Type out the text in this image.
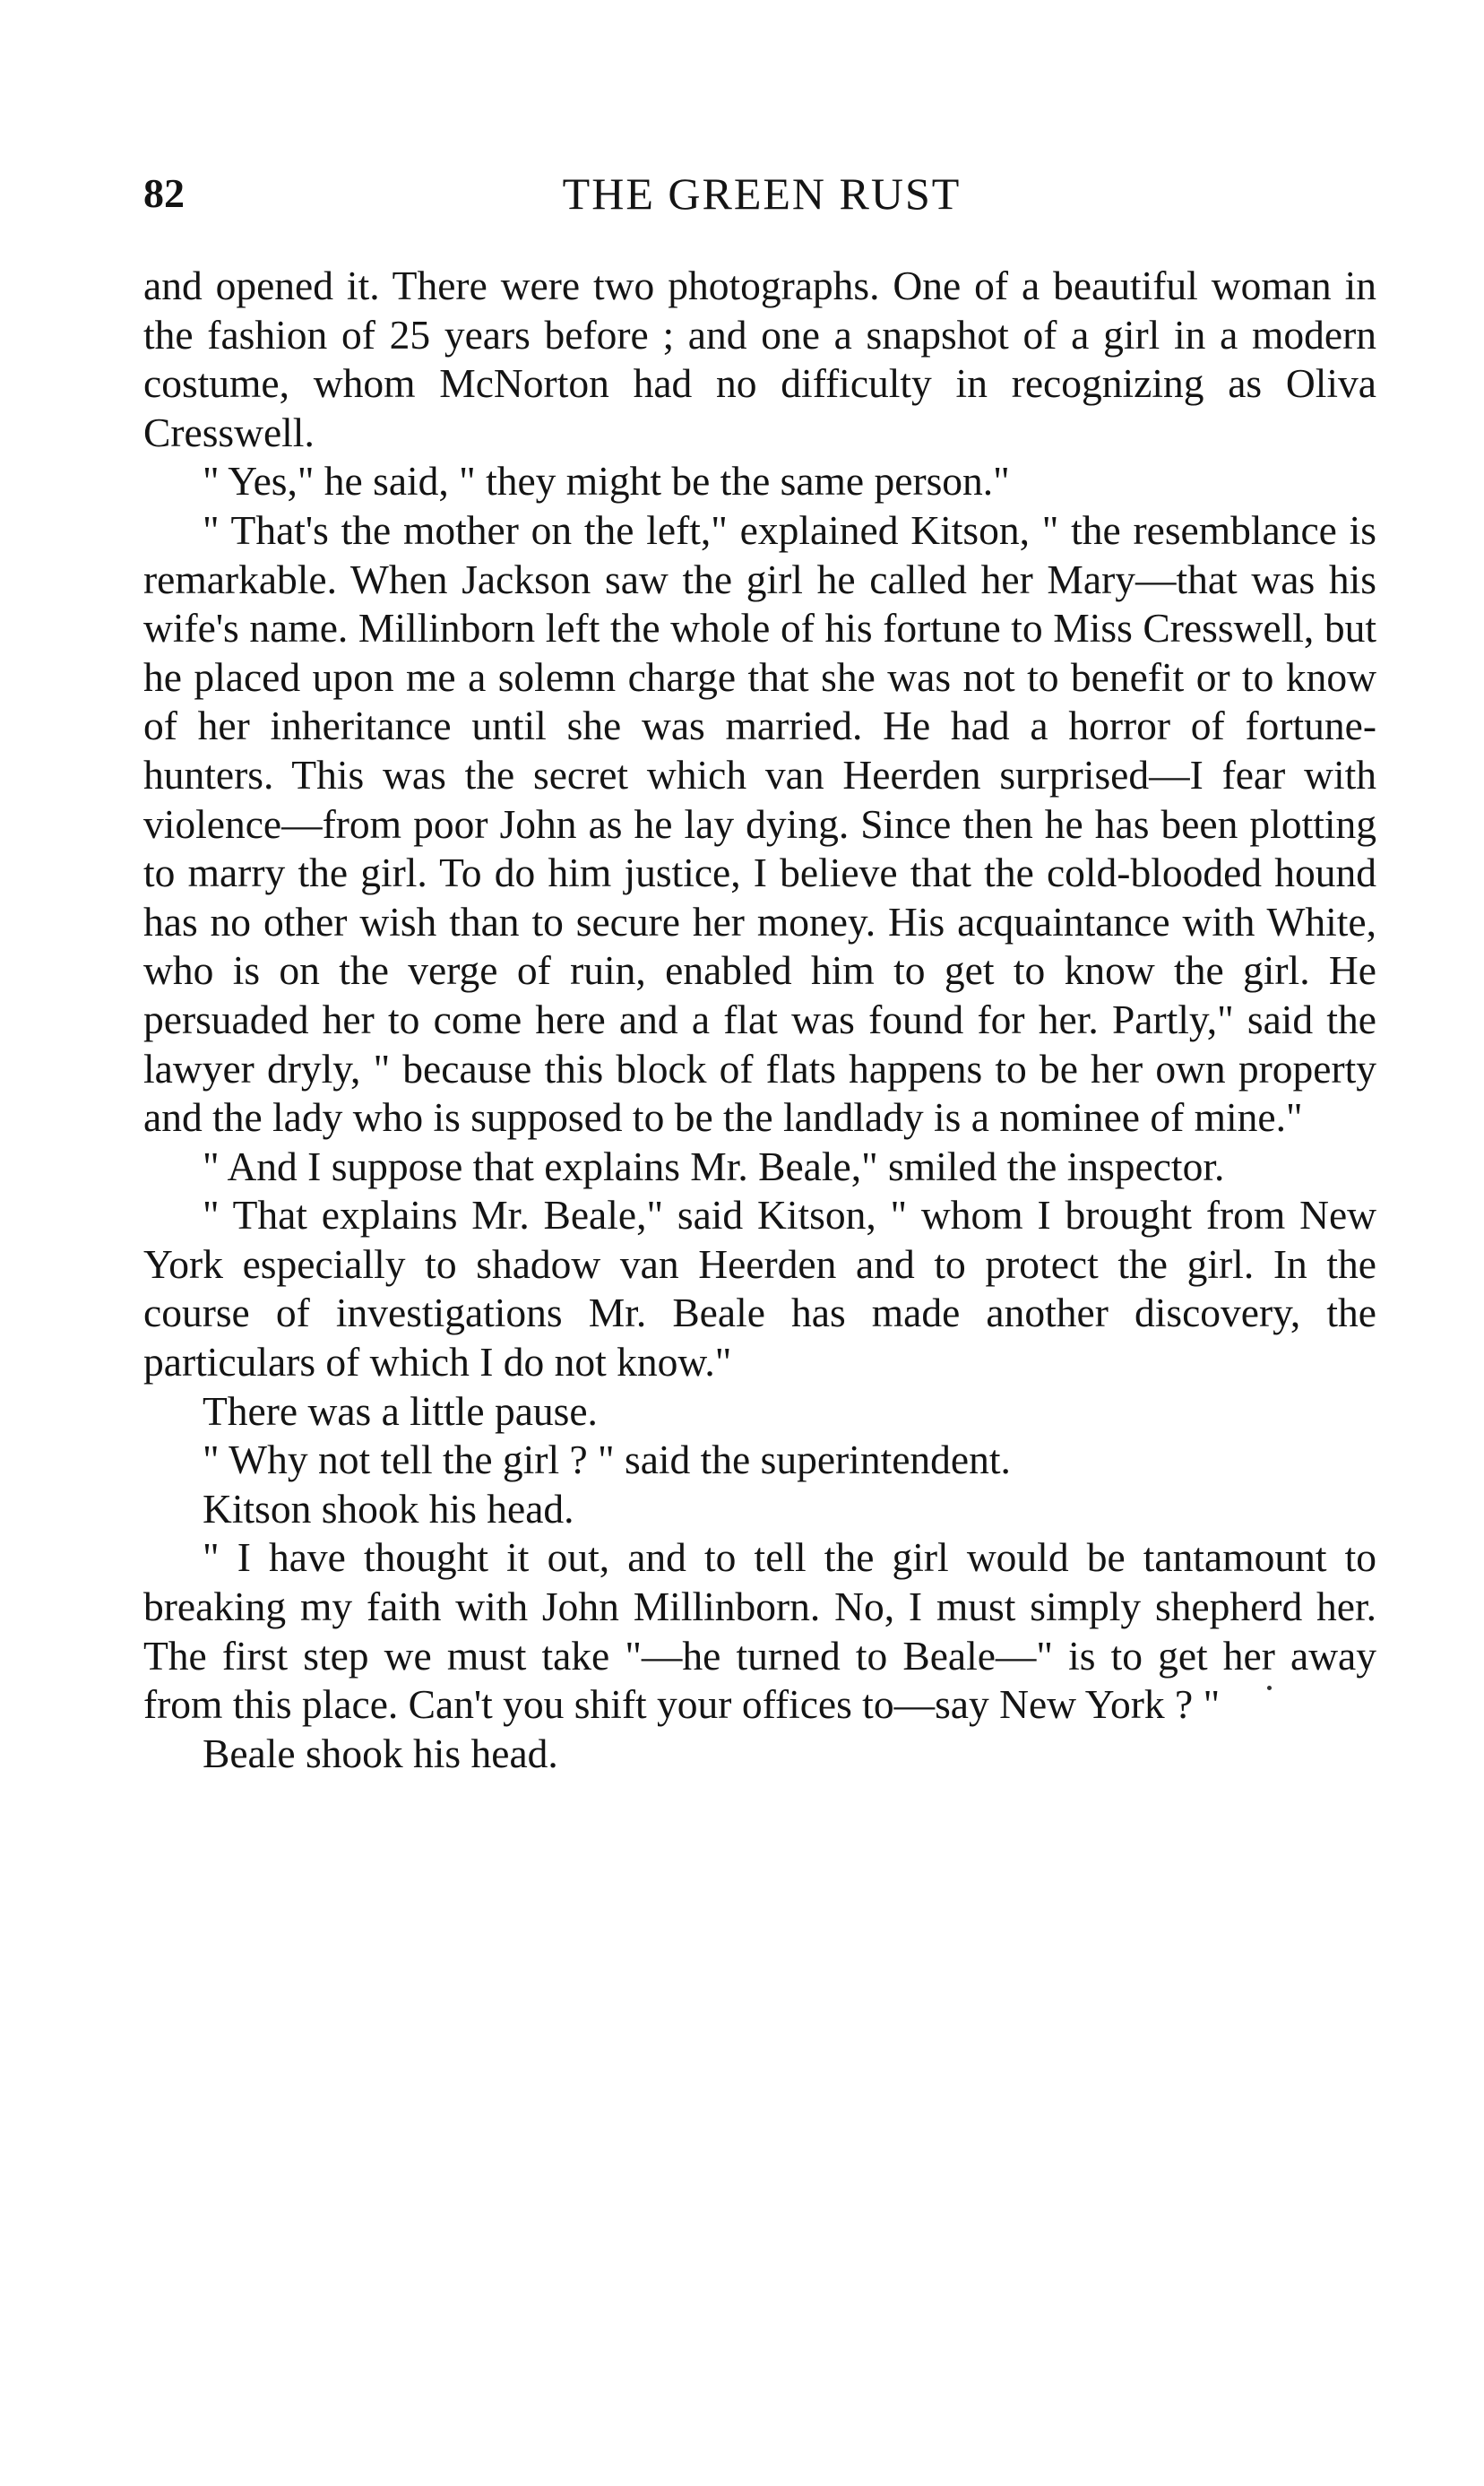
82	THE GREEN RUST

and opened it. There were two photographs. One of a beautiful woman in the fashion of 25 years before ; and one a snapshot of a girl in a modern costume, whom McNorton had no difficulty in recognizing as Oliva Cresswell.

" Yes," he said, " they might be the same person."

" That's the mother on the left," explained Kitson, " the resemblance is remarkable. When Jackson saw the girl he called her Mary—that was his wife's name. Millinborn left the whole of his fortune to Miss Cresswell, but he placed upon me a solemn charge that she was not to benefit or to know of her inheritance until she was married. He had a horror of fortune-hunters. This was the secret which van Heerden surprised—I fear with violence—from poor John as he lay dying. Since then he has been plotting to marry the girl. To do him justice, I believe that the cold-blooded hound has no other wish than to secure her money. His acquaintance with White, who is on the verge of ruin, enabled him to get to know the girl. He persuaded her to come here and a flat was found for her. Partly," said the lawyer dryly, " because this block of flats happens to be her own property and the lady who is supposed to be the landlady is a nominee of mine."

" And I suppose that explains Mr. Beale," smiled the inspector.

" That explains Mr. Beale," said Kitson, " whom I brought from New York especially to shadow van Heerden and to protect the girl. In the course of investigations Mr. Beale has made another discovery, the particulars of which I do not know."

There was a little pause.

" Why not tell the girl ? " said the superintendent.

Kitson shook his head.

" I have thought it out, and to tell the girl would be tantamount to breaking my faith with John Millinborn. No, I must simply shepherd her. The first step we must take "—he turned to Beale—" is to get her away from this place. Can't you shift your offices to—say New York ? "

Beale shook his head.
